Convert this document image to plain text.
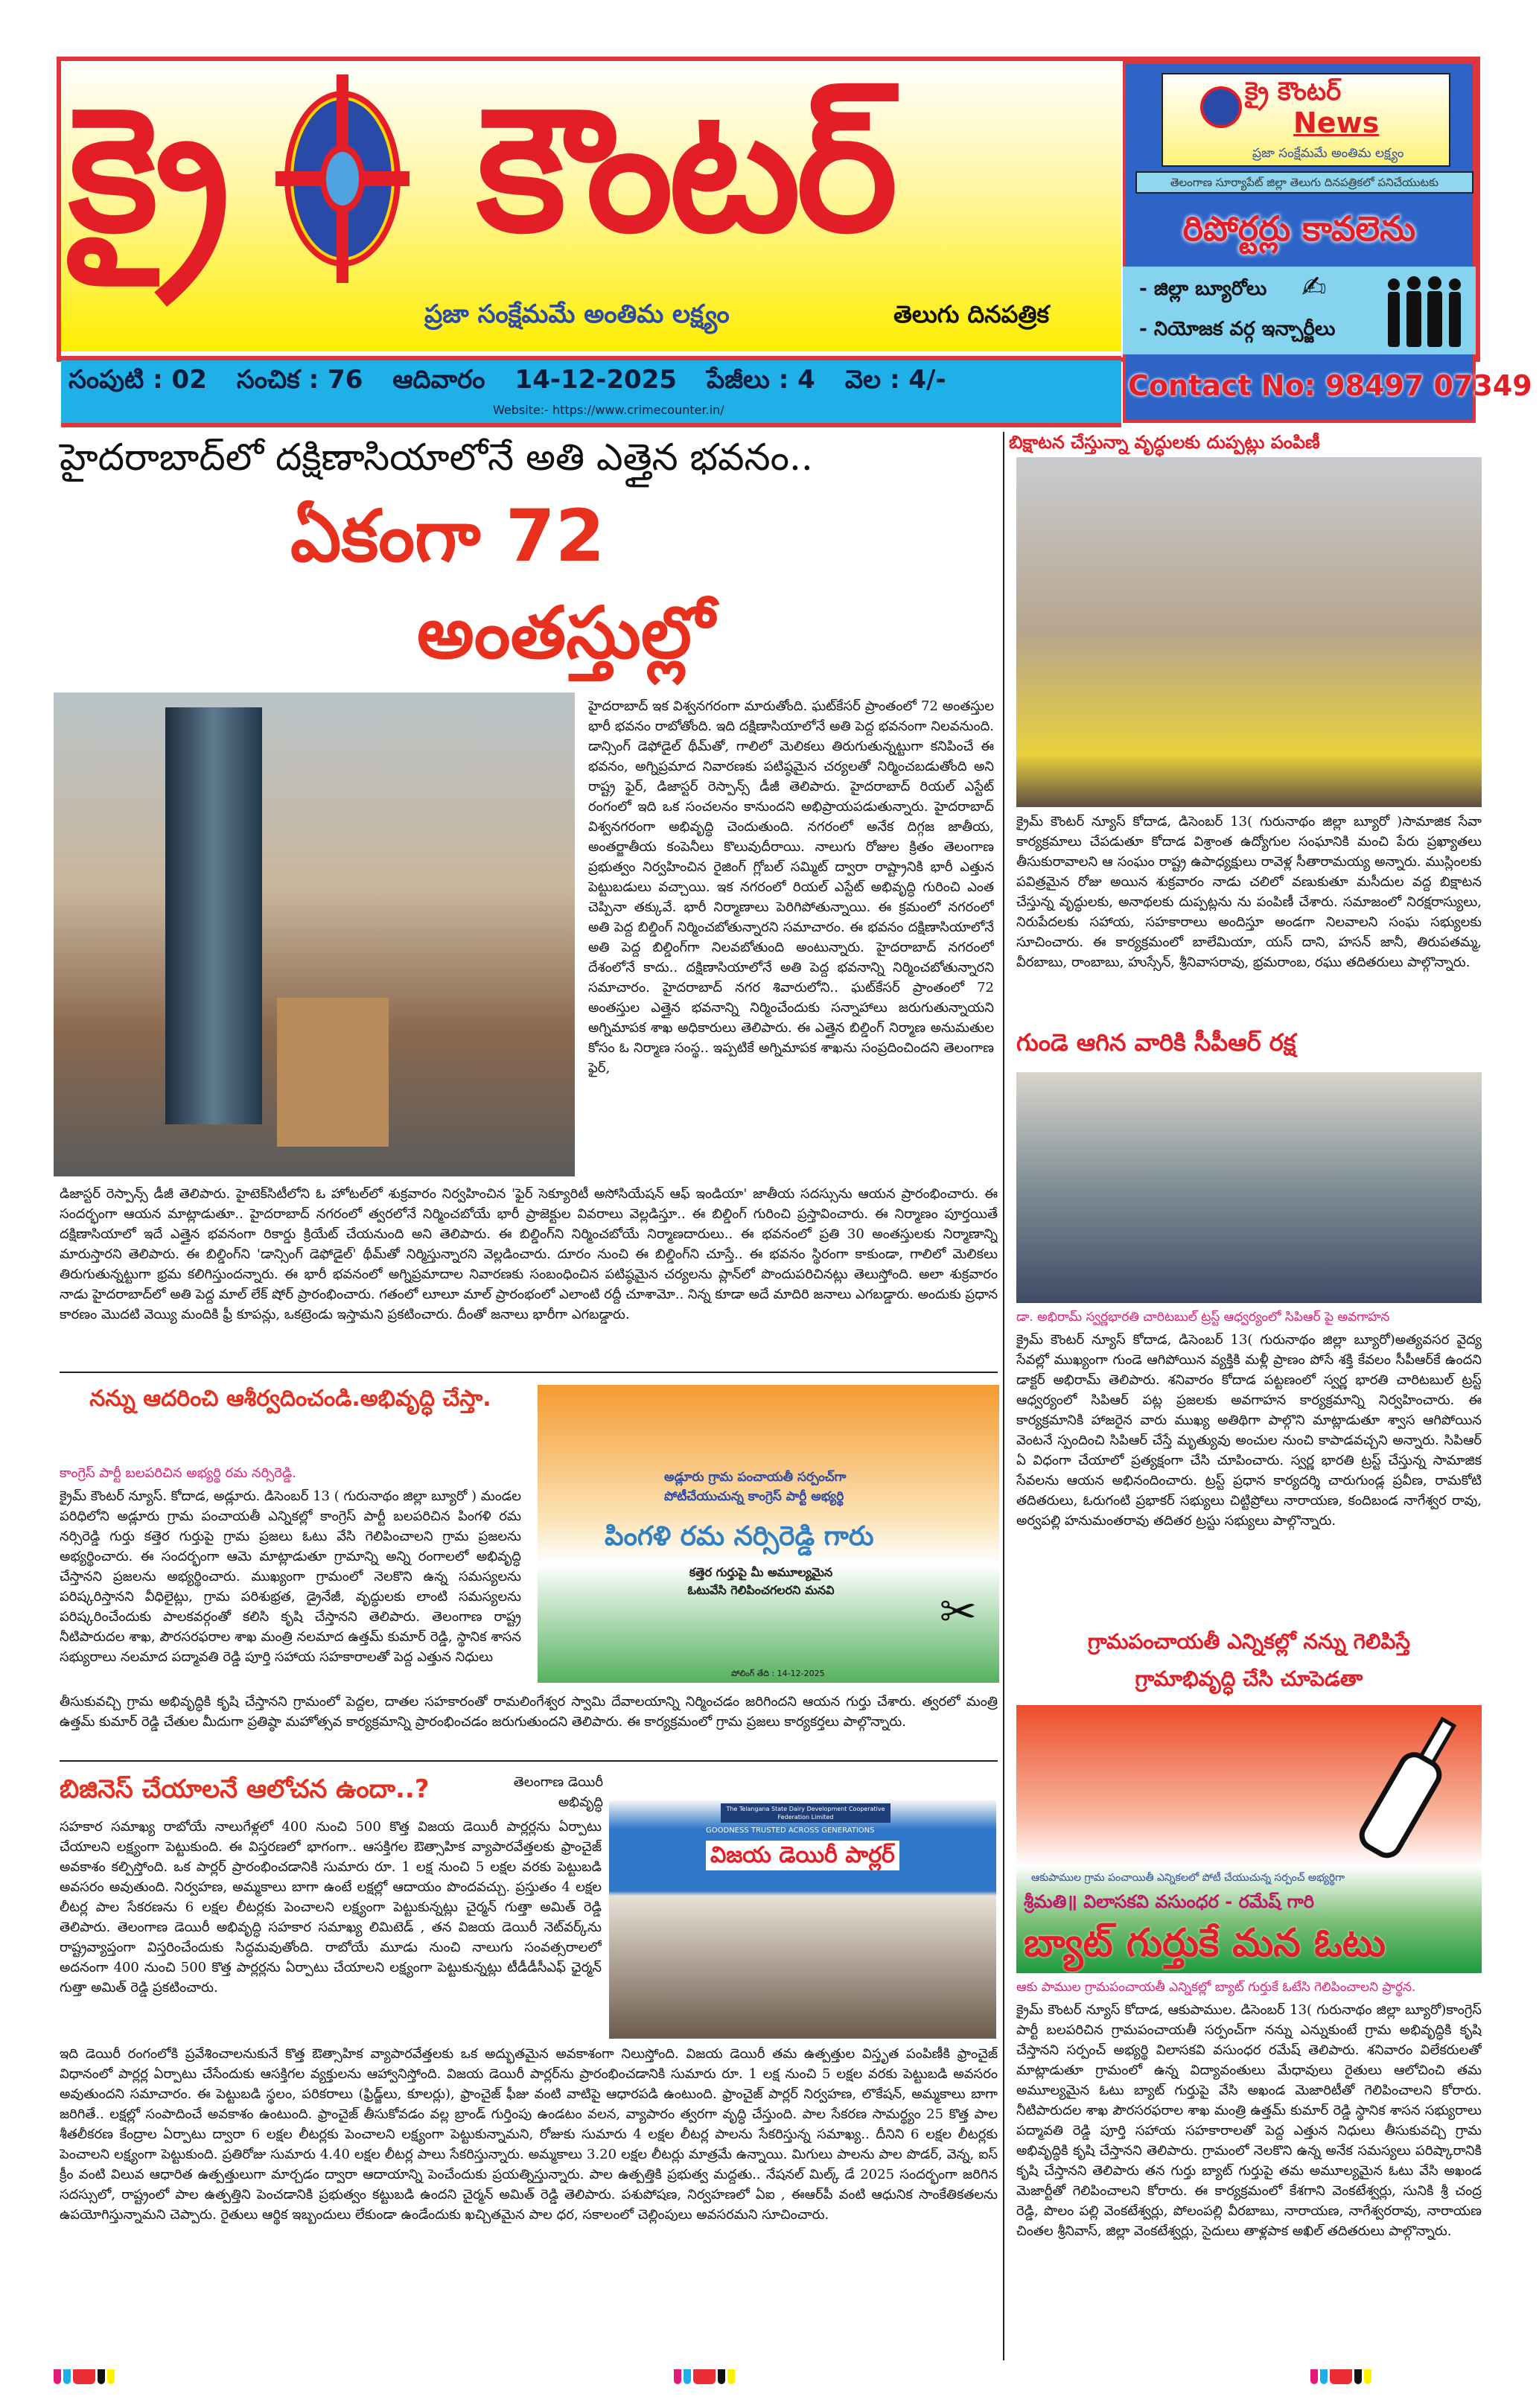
క్రై కౌంటర్
ప్రజా సంక్షేమమే అంతిమ లక్ష్యం	తెలుగు దినపత్రిక
సంపుటి : 02 సంచిక : 76 ఆదివారం 14-12-2025 పేజీలు : 4 వెల : 4/-
Website:- https://www.crimecounter.in/
క్రై కౌంటర్
News
ప్రజా సంక్షేమమే అంతిమ లక్ష్యం
తెలంగాణ సూర్యాపేట్ జిల్లా తెలుగు దినపత్రికలో పనిచేయుటకు
రిపోర్టర్లు కావలెను
- జిల్లా బ్యూరోలు
- నియోజక వర్గ ఇన్చార్జీలు
✍
Contact No: 98497 07349
హైదరాబాద్‌లో దక్షిణాసియాలోనే అతి ఎత్తైన భవనం..
ఏకంగా 72
అంతస్తుల్లో
హైదరాబాద్ ఇక విశ్వనగరంగా మారుతోంది. ఘట్‌కేసర్ ప్రాంతంలో 72 అంతస్తుల భారీ భవనం రాబోతోంది. ఇది దక్షిణాసియాలోనే అతి పెద్ద భవనంగా నిలవనుంది. డాన్సింగ్ డెఫోడైల్ థీమ్‌తో, గాలిలో మెలికలు తిరుగుతున్నట్టుగా కనిపించే ఈ భవనం, అగ్నిప్రమాద నివారణకు పటిష్ఠమైన చర్యలతో నిర్మించబడుతోంది అని రాష్ట్ర ఫైర్, డిజాస్టర్ రెస్పాన్స్ డీజీ తెలిపారు. హైదరాబాద్ రియల్ ఎస్టేట్ రంగంలో ఇది ఒక సంచలనం కానుందని అభిప్రాయపడుతున్నారు. హైదరాబాద్ విశ్వనగరంగా అభివృద్ధి చెందుతుంది. నగరంలో అనేక దిగ్గజ జాతీయ, అంతర్జాతీయ కంపెనీలు కొలువుదీరాయి. నాలుగు రోజుల క్రితం తెలంగాణ ప్రభుత్వం నిర్వహించిన రైజింగ్ గ్లోబల్ సమ్మిట్ ద్వారా రాష్ట్రానికి భారీ ఎత్తున పెట్టుబడులు వచ్చాయి. ఇక నగరంలో రియల్ ఎస్టేట్ అభివృద్ధి గురించి ఎంత చెప్పినా తక్కువే. భారీ నిర్మాణాలు పెరిగిపోతున్నాయి. ఈ క్రమంలో నగరంలో అతి పెద్ద బిల్డింగ్ నిర్మించబోతున్నారని సమాచారం. ఈ భవనం దక్షిణాసియాలోనే అతి పెద్ద బిల్డింగ్‌గా నిలవబోతుంది అంటున్నారు. హైదరాబాద్ నగరంలో దేశంలోనే కాదు.. దక్షిణాసియాలోనే అతి పెద్ద భవనాన్ని నిర్మించబోతున్నారని సమాచారం. హైదరాబాద్ నగర శివారులోని.. ఘట్‌కేసర్ ప్రాంతంలో 72 అంతస్తుల ఎత్తైన భవనాన్ని నిర్మించేందుకు సన్నాహాలు జరుగుతున్నాయని అగ్నిమాపక శాఖ అధికారులు తెలిపారు. ఈ ఎత్తైన బిల్డింగ్ నిర్మాణ అనుమతుల కోసం ఓ నిర్మాణ సంస్థ.. ఇప్పటికే అగ్నిమాపక శాఖను సంప్రదించిందని తెలంగాణ ఫైర్,
డిజాస్టర్ రెస్పాన్స్ డీజీ తెలిపారు. హైటెక్‌సిటీలోని ఓ హోటల్‌లో శుక్రవారం నిర్వహించిన 'ఫైర్ సెక్యూరిటీ అసోసియేషన్ ఆఫ్ ఇండియా' జాతీయ సదస్సును ఆయన ప్రారంభించారు. ఈ సందర్భంగా ఆయన మాట్లాడుతూ.. హైదరాబాద్ నగరంలో త్వరలోనే నిర్మించబోయే భారీ ప్రాజెక్టుల వివరాలు వెల్లడిస్తూ.. ఈ బిల్డింగ్ గురించి ప్రస్తావించారు. ఈ నిర్మాణం పూర్తయితే దక్షిణాసియాలో ఇదే ఎత్తైన భవనంగా రికార్డు క్రియేట్ చేయనుంది అని తెలిపారు. ఈ బిల్డింగ్‌ని నిర్మించబోయే నిర్మాణదారులు.. ఈ భవనంలో ప్రతి 30 అంతస్తులకు నిర్మాణాన్ని మారుస్తారని తెలిపారు. ఈ బిల్డింగ్‌ని 'డాన్సింగ్ డెఫోడైల్' థీమ్‌తో నిర్మిస్తున్నారని వెల్లడించారు. దూరం నుంచి ఈ బిల్డింగ్‌ని చూస్తే.. ఈ భవనం స్థిరంగా కాకుండా, గాలిలో మెలికలు తిరుగుతున్నట్టుగా భ్రమ కలిగిస్తుందన్నారు. ఈ భారీ భవనంలో అగ్నిప్రమాదాల నివారణకు సంబంధించిన పటిష్ఠమైన చర్యలను ప్లాన్‌లో పొందుపరిచినట్లు తెలుస్తోంది. అలా శుక్రవారం నాడు హైదరాబాద్‌లో అతి పెద్ద మాల్ లేక్ షోర్ ప్రారంభించారు. గతంలో లూలూ మాల్ ప్రారంభంలో ఎలాంటి రద్దీ చూశామో.. నిన్న కూడా అదే మాదిరి జనాలు ఎగబడ్డారు. అందుకు ప్రధాన కారణం మొదటి వెయ్యి మందికి ఫ్రీ కూపన్లు, ఒకట్రెండు ఇస్తామని ప్రకటించారు. దీంతో జనాలు భారీగా ఎగబడ్డారు.
బిక్షాటన చేస్తున్నా వృద్ధులకు దుప్పట్లు పంపిణీ
క్రైమ్ కౌంటర్ న్యూస్ కోదాడ, డిసెంబర్ 13( గురునాథం జిల్లా బ్యూరో )సామాజిక సేవా కార్యక్రమాలు చేపడుతూ కోదాడ విశ్రాంత ఉద్యోగుల సంఘానికి మంచి పేరు ప్రఖ్యాతలు తీసుకురావాలని ఆ సంఘం రాష్ట్ర ఉపాధ్యక్షులు రావెళ్ల సీతారామయ్య అన్నారు. ముస్లింలకు పవిత్రమైన రోజు అయిన శుక్రవారం నాడు చలిలో వణుకుతూ మసీదుల వద్ద బిక్షాటన చేస్తున్న వృద్ధులకు, అనాథలకు దుప్పట్లను ను పంపిణీ చేశారు. సమాజంలో నిరక్షరాస్యులు, నిరుపేదలకు సహాయ, సహకారాలు అందిస్తూ అండగా నిలవాలని సంఘ సభ్యులకు సూచించారు. ఈ కార్యక్రమంలో బాలేమియా, యస్ దాని, హసన్ జానీ, తిరుపతమ్మ, వీరబాబు, రాంబాబు, హుస్సేన్, శ్రీనివాసరావు, భ్రమరాంబ, రఘు తదితరులు పాల్గొన్నారు.
గుండె ఆగిన వారికి సీపీఆర్ రక్ష
డా. అభిరామ్ స్వర్ణభారతి చారిటబుల్ ట్రస్ట్ ఆధ్వర్యంలో సిపిఆర్ పై అవగాహన
క్రైమ్ కౌంటర్ న్యూస్ కోదాడ, డిసెంబర్ 13( గురునాథం జిల్లా బ్యూరో)అత్యవసర వైద్య సేవల్లో ముఖ్యంగా గుండె ఆగిపోయిన వ్యక్తికి మళ్లీ ప్రాణం పోసే శక్తి కేవలం సీపీఆర్‌కే ఉందని డాక్టర్ అభిరామ్ తెలిపారు. శనివారం కోదాడ పట్టణంలో స్వర్ణ భారతి చారిటబుల్ ట్రస్ట్ ఆధ్వర్యంలో సిపిఆర్ పట్ల ప్రజలకు అవగాహన కార్యక్రమాన్ని నిర్వహించారు. ఈ కార్యక్రమానికి హాజరైన వారు ముఖ్య అతిథిగా పాల్గొని మాట్లాడుతూ శ్వాస ఆగిపోయిన వెంటనే స్పందించి సిపిఆర్ చేస్తే మృత్యువు అంచుల నుంచి కాపాడవచ్చని అన్నారు. సిపిఆర్ ఏ విధంగా చేయాలో ప్రత్యక్షంగా చేసి చూపించారు. స్వర్ణ భారతి ట్రస్ట్ చేస్తున్న సామాజిక సేవలను ఆయన అభినందించారు. ట్రస్ట్ ప్రధాన కార్యదర్శి చారుగుండ్ల ప్రవీణ, రామకోటి తదితరులు, ఓరుగంటి ప్రభాకర్ సభ్యులు చిట్టిప్రోలు నారాయణ, కందిబండ నాగేశ్వర రావు, అర్వపల్లి హనుమంతరావు తదితర ట్రస్టు సభ్యులు పాల్గొన్నారు.
గ్రామపంచాయతీ ఎన్నికల్లో నన్ను గెలిపిస్తే
గ్రామాభివృద్ధి చేసి చూపెడతా
ఆకుపాముల గ్రామ పంచాయితీ ఎన్నికలలో పోటీ చేయుచున్న సర్పంచ్ అభ్యర్థిగా
శ్రీమతి॥ విలాసకవి వసుంధర - రమేష్ గారి
బ్యాట్ గుర్తుకే మన ఓటు
ఆకు పాముల గ్రామపంచాయతీ ఎన్నికల్లో బ్యాట్ గుర్తుకే ఓటేసి గెలిపించాలని ప్రార్థన.
క్రైమ్ కౌంటర్ న్యూస్ కోదాడ, ఆకుపాముల. డిసెంబర్ 13( గురునాథం జిల్లా బ్యూరో)కాంగ్రెస్ పార్టీ బలపరిచిన గ్రామపంచాయతీ సర్పంచ్‌గా నన్ను ఎన్నుకుంటే గ్రామ అభివృద్ధికి కృషి చేస్తానని సర్పంచ్ అభ్యర్థి విలాసకవి వసుంధర రమేష్ తెలిపారు. శనివారం విలేకరులతో మాట్లాడుతూ గ్రామంలో ఉన్న విద్యావంతులు మేధావులు రైతులు ఆలోచించి తమ అమూల్యమైన ఓటు బ్యాట్ గుర్తుపై వేసి అఖండ మెజారిటీతో గెలిపించాలని కోరారు. నీటిపారుదల శాఖ పౌరసరఫరాల శాఖ మంత్రి ఉత్తమ్ కుమార్ రెడ్డి స్థానిక శాసన సభ్యురాలు పద్మావతి రెడ్డి పూర్తి సహాయ సహకారాలతో పెద్ద ఎత్తున నిధులు తీసుకువచ్చి గ్రామ అభివృద్ధికి కృషి చేస్తానని తెలిపారు. గ్రామంలో నెలకొని ఉన్న అనేక సమస్యలు పరిష్కారానికి కృషి చేస్తానని తెలిపారు తన గుర్తు బ్యాట్ గుర్తుపై తమ అమూల్యమైన ఓటు వేసి అఖండ మెజార్టీతో గెలిపించాలని కోరారు. ఈ కార్యక్రమంలో కేశగాని వెంకటేశ్వర్లు, సునికి శ్రీ చంద్ర రెడ్డి, పొలం పల్లి వెంకటేశ్వర్లు, పోలంపల్లి వీరబాబు, నారాయణ, నాగేశ్వరరావు, నారాయణ చింతల శ్రీనివాస్, జిల్లా వెంకటేశ్వర్లు, సైదులు తాళ్లపాక అఖిల్ తదితరులు పాల్గొన్నారు.
నన్ను ఆదరించి ఆశీర్వదించండి.అభివృద్ధి చేస్తా.
కాంగ్రెస్ పార్టీ బలపరిచిన అభ్యర్థి రమ నర్సిరెడ్డి.
క్రైమ్ కౌంటర్ న్యూస్. కోదాడ, అడ్లూరు. డిసెంబర్ 13 ( గురునాథం జిల్లా బ్యూరో ) మండల పరిధిలోని అడ్లూరు గ్రామ పంచాయతీ ఎన్నికల్లో కాంగ్రెస్ పార్టీ బలపరిచిన పింగళి రమ నర్సిరెడ్డి గుర్తు కత్తెర గుర్తుపై గ్రామ ప్రజలు ఓటు వేసి గెలిపించాలని గ్రామ ప్రజలను అభ్యర్థించారు. ఈ సందర్భంగా ఆమె మాట్లాడుతూ గ్రామాన్ని అన్ని రంగాలలో అభివృద్ధి చేస్తానని ప్రజలను అభ్యర్థించారు. ముఖ్యంగా గ్రామంలో నెలకొని ఉన్న సమస్యలను పరిష్కరిస్తానని వీధిలైట్లు, గ్రామ పరిశుభ్రత, డ్రైనేజీ, వృద్ధులకు లాంటి సమస్యలను పరిష్కరించేందుకు పాలకవర్గంతో కలిసి కృషి చేస్తానని తెలిపారు. తెలంగాణ రాష్ట్ర నీటిపారుదల శాఖ, పౌరసరఫరాల శాఖ మంత్రి నలమాద ఉత్తమ్ కుమార్ రెడ్డి, స్థానిక శాసన సభ్యురాలు నలమాద పద్మావతి రెడ్డి పూర్తి సహాయ సహకారాలతో పెద్ద ఎత్తున నిధులు
అడ్లూరు గ్రామ పంచాయతీ సర్పంచ్‌గా
పోటీచేయుచున్న కాంగ్రెస్ పార్టీ అభ్యర్థి
పింగళి రమ నర్సిరెడ్డి గారు
కత్తెర గుర్తుపై మీ అమూల్యమైన ఓటువేసి గెలిపించగలరని మనవి ✂
పోలింగ్ తేది : 14-12-2025
తీసుకువచ్చి గ్రామ అభివృద్ధికి కృషి చేస్తానని గ్రామంలో పెద్దల, దాతల సహకారంతో రామలింగేశ్వర స్వామి దేవాలయాన్ని నిర్మించడం జరిగిందని ఆయన గుర్తు చేశారు. త్వరలో మంత్రి ఉత్తమ్ కుమార్ రెడ్డి చేతుల మీదుగా ప్రతిష్ఠా మహోత్సవ కార్యక్రమాన్ని ప్రారంభించడం జరుగుతుందని తెలిపారు. ఈ కార్యక్రమంలో గ్రామ ప్రజలు కార్యకర్తలు పాల్గొన్నారు.
బిజినెస్ చేయాలనే ఆలోచన ఉందా..?	తెలంగాణ డెయిరీ అభివృద్ధి
సహకార సమాఖ్య రాబోయే నాలుగేళ్లలో 400 నుంచి 500 కొత్త విజయ డెయిరీ పార్లర్లను ఏర్పాటు చేయాలని లక్ష్యంగా పెట్టుకుంది. ఈ విస్తరణలో భాగంగా.. ఆసక్తిగల ఔత్సాహిక వ్యాపారవేత్తలకు ఫ్రాంచైజ్ అవకాశం కల్పిస్తోంది. ఒక పార్లర్ ప్రారంభించడానికి సుమారు రూ. 1 లక్ష నుంచి 5 లక్షల వరకు పెట్టుబడి అవసరం అవుతుంది. నిర్వహణ, అమ్మకాలు బాగా ఉంటే లక్షల్లో ఆదాయం పొందవచ్చు. ప్రస్తుతం 4 లక్షల లీటర్ల పాల సేకరణను 6 లక్షల లీటర్లకు పెంచాలని లక్ష్యంగా పెట్టుకున్నట్లు చైర్మన్ గుత్తా అమిత్ రెడ్డి తెలిపారు. తెలంగాణ డెయిరీ అభివృద్ధి సహకార సమాఖ్య లిమిటెడ్ , తన విజయ డెయిరీ నెట్‌వర్క్‌ను రాష్ట్రవ్యాప్తంగా విస్తరించేందుకు సిద్ధమవుతోంది. రాబోయే మూడు నుంచి నాలుగు సంవత్సరాలలో అదనంగా 400 నుంచి 500 కొత్త పార్లర్లను ఏర్పాటు చేయాలని లక్ష్యంగా పెట్టుకున్నట్లు టీడీడీసీఎఫ్ ఛైర్మన్ గుత్తా అమిత్ రెడ్డి ప్రకటించారు.
The Telangana State Dairy Development Cooperative Federation Limited
GOODNESS TRUSTED ACROSS GENERATIONS
విజయ డెయిరీ పార్లర్
ఇది డెయిరీ రంగంలోకి ప్రవేశించాలనుకునే కొత్త ఔత్సాహిక వ్యాపారవేత్తలకు ఒక అద్భుతమైన అవకాశంగా నిలుస్తోంది. విజయ డెయిరీ తమ ఉత్పత్తుల విస్తృత పంపిణీకి ఫ్రాంచైజ్ విధానంలో పార్లర్ల ఏర్పాటు చేసేందుకు ఆసక్తిగల వ్యక్తులను ఆహ్వానిస్తోంది. విజయ డెయిరీ పార్లర్‌ను ప్రారంభించడానికి సుమారు రూ. 1 లక్ష నుంచి 5 లక్షల వరకు పెట్టుబడి అవసరం అవుతుందని సమాచారం. ఈ పెట్టుబడి స్థలం, పరికరాలు (ఫ్రిడ్జ్‌లు, కూలర్లు), ఫ్రాంచైజ్ ఫీజు వంటి వాటిపై ఆధారపడి ఉంటుంది. ఫ్రాంచైజ్ పార్లర్ నిర్వహణ, లొకేషన్, అమ్మకాలు బాగా జరిగితే.. లక్షల్లో సంపాదించే అవకాశం ఉంటుంది. ఫ్రాంచైజ్ తీసుకోవడం వల్ల బ్రాండ్ గుర్తింపు ఉండటం వలన, వ్యాపారం త్వరగా వృద్ధి చేస్తుంది. పాల సేకరణ సామర్థ్యం 25 కొత్త పాల శీతలీకరణ కేంద్రాల ఏర్పాటు ద్వారా 6 లక్షల లీటర్లకు పెంచాలని లక్ష్యంగా పెట్టుకున్నామని, రోజుకు సుమారు 4 లక్షల లీటర్ల పాలను సేకరిస్తున్న సమాఖ్య.. దీనిని 6 లక్షల లీటర్లకు పెంచాలని లక్ష్యంగా పెట్టుకుంది. ప్రతిరోజు సుమారు 4.40 లక్షల లీటర్ల పాలు సేకరిస్తున్నారు. అమ్మకాలు 3.20 లక్షల లీటర్లు మాత్రమే ఉన్నాయి. మిగులు పాలను పాల పొడర్, వెన్న, ఐస్ క్రీం వంటి విలువ ఆధారిత ఉత్పత్తులుగా మార్చడం ద్వారా ఆదాయాన్ని పెంచేందుకు ప్రయత్నిస్తున్నారు. పాల ఉత్పత్తికి ప్రభుత్వ మద్దతు.. నేషనల్ మిల్క్ డే 2025 సందర్భంగా జరిగిన సదస్సులో, రాష్ట్రంలో పాల ఉత్పత్తిని పెంచడానికి ప్రభుత్వం కట్టుబడి ఉందని చైర్మన్ అమిత్ రెడ్డి తెలిపారు. పశుపోషణ, నిర్వహణలో ఏఐ , ఈఆర్‌పీ వంటి ఆధునిక సాంకేతికతలను ఉపయోగిస్తున్నామని చెప్పారు. రైతులు ఆర్థిక ఇబ్బందులు లేకుండా ఉండేందుకు ఖచ్చితమైన పాల ధర, సకాలంలో చెల్లింపులు అవసరమని సూచించారు.
